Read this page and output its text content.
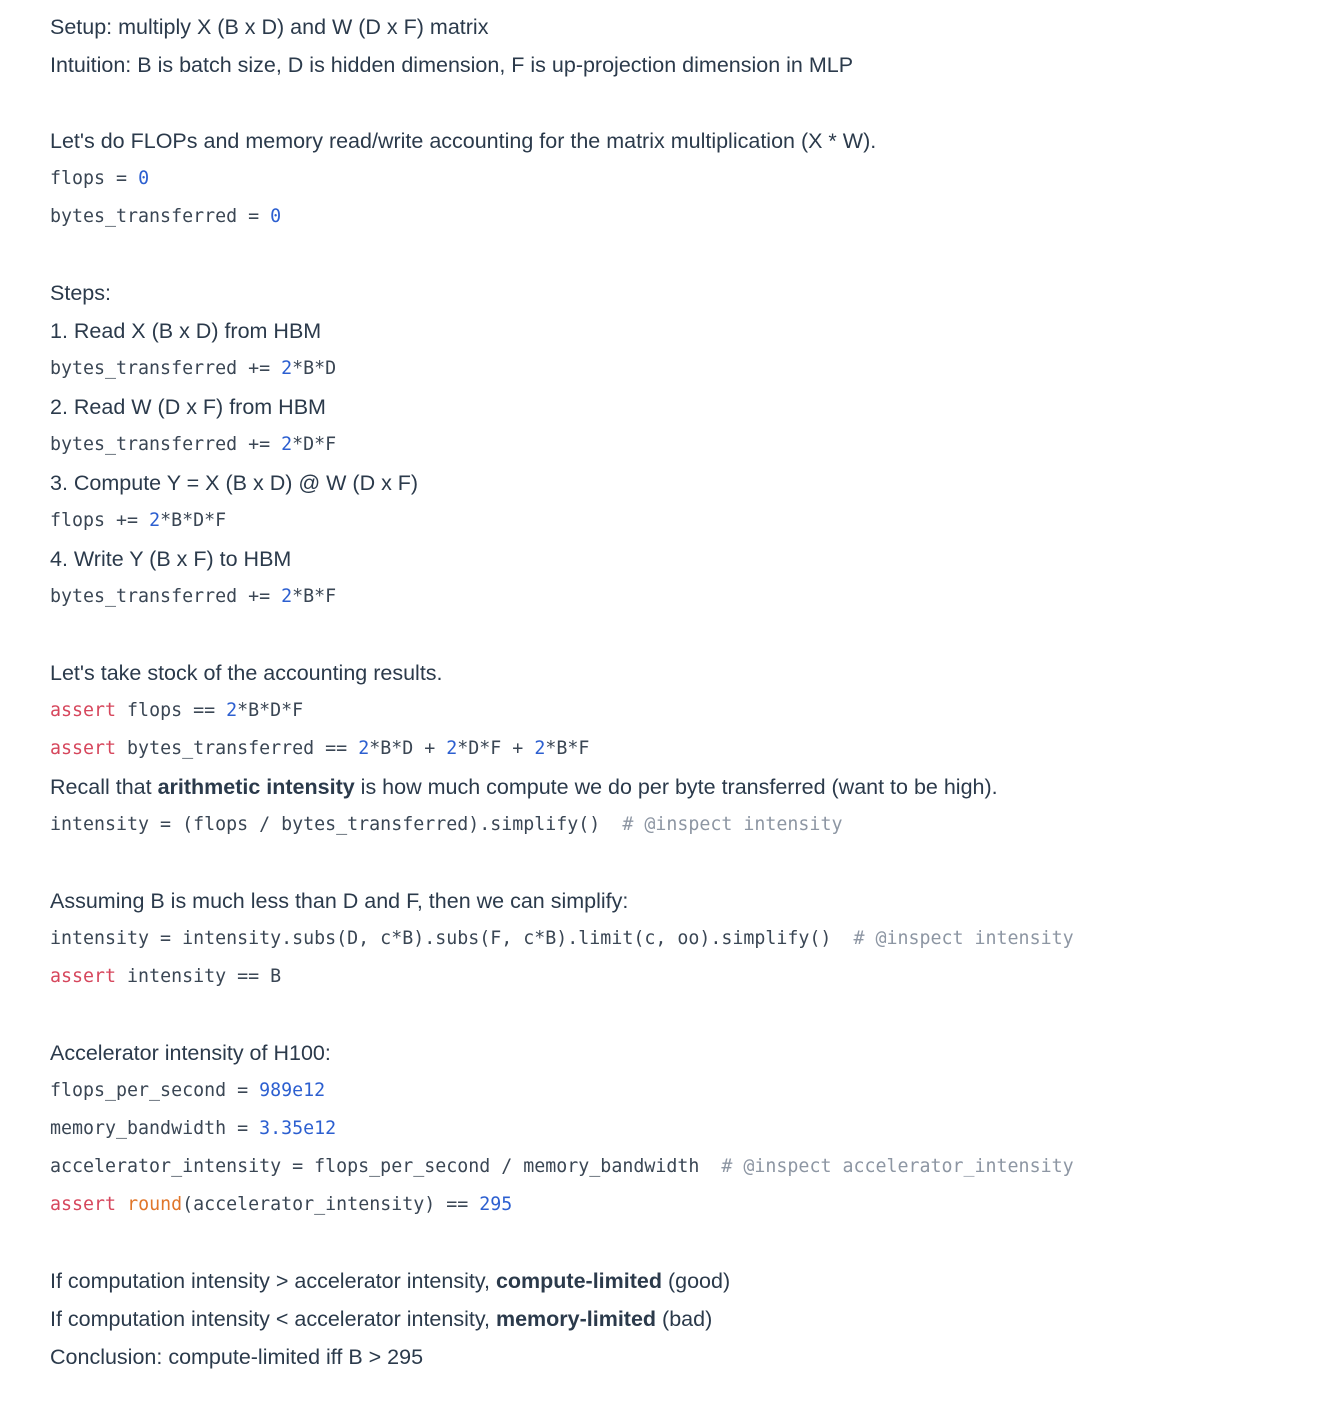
Setup: multiply X (B x D) and W (D x F) matrix
Intuition: B is batch size, D is hidden dimension, F is up-projection dimension in MLP
Let's do FLOPs and memory read/write accounting for the matrix multiplication (X * W).
flops = 0
bytes_transferred = 0
Steps:
1. Read X (B x D) from HBM
bytes_transferred += 2*B*D
2. Read W (D x F) from HBM
bytes_transferred += 2*D*F
3. Compute Y = X (B x D) @ W (D x F)
flops += 2*B*D*F
4. Write Y (B x F) to HBM
bytes_transferred += 2*B*F
Let's take stock of the accounting results.
assert flops == 2*B*D*F
assert bytes_transferred == 2*B*D + 2*D*F + 2*B*F
Recall that arithmetic intensity is how much compute we do per byte transferred (want to be high).
intensity = (flops / bytes_transferred).simplify()  # @inspect intensity
Assuming B is much less than D and F, then we can simplify:
intensity = intensity.subs(D, c*B).subs(F, c*B).limit(c, oo).simplify()  # @inspect intensity
assert intensity == B
Accelerator intensity of H100:
flops_per_second = 989e12
memory_bandwidth = 3.35e12
accelerator_intensity = flops_per_second / memory_bandwidth  # @inspect accelerator_intensity
assert round(accelerator_intensity) == 295
If computation intensity > accelerator intensity, compute-limited (good)
If computation intensity < accelerator intensity, memory-limited (bad)
Conclusion: compute-limited iff B > 295
